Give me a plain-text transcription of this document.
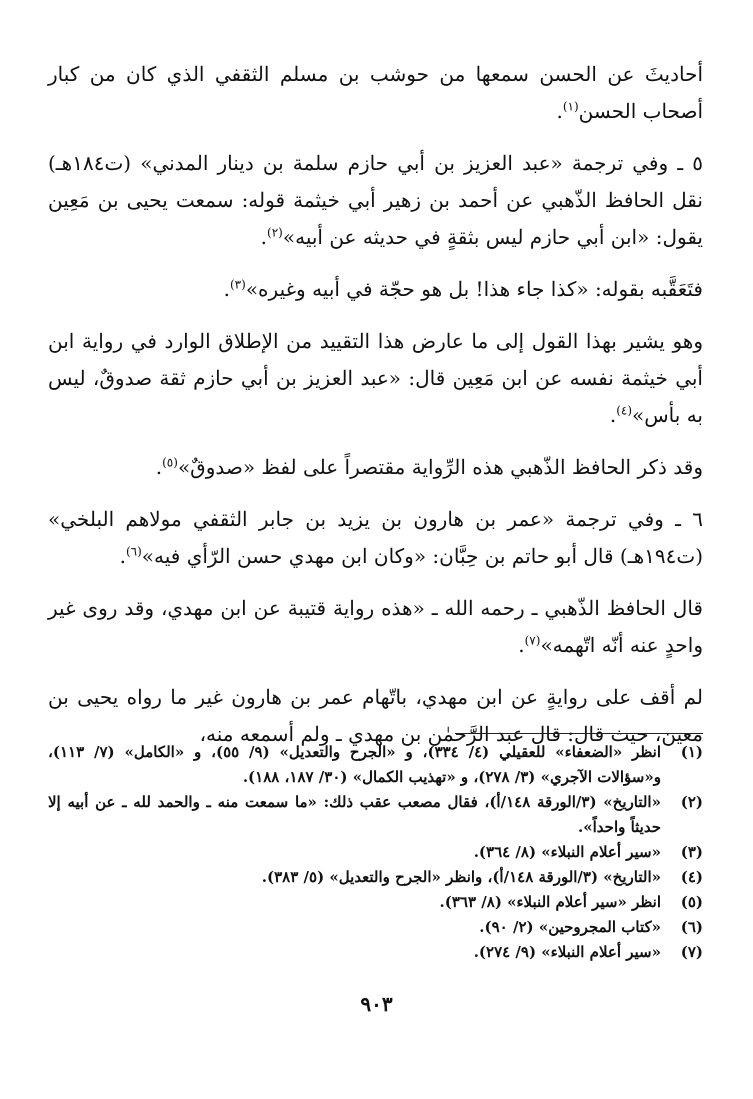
أحاديثَ عن الحسن سمعها من حوشب بن مسلم الثقفي الذي كان من كبار أصحاب الحسن$^{(١)}$.

٥ ـ وفي ترجمة «عبد العزيز بن أبي حازم سلمة بن دينار المدني» (ت١٨٤هـ) نقل الحافظ الذّهبي عن أحمد بن زهير أبي خيثمة قوله: سمعت يحيى بن مَعِين يقول: «ابن أبي حازم ليس بثقةٍ في حديثه عن أبيه»$^{(٢)}$.

فتَعَقَّبه بقوله: «كذا جاء هذا! بل هو حجّة في أبيه وغيره»$^{(٣)}$.

وهو يشير بهذا القول إلى ما عارض هذا التقييد من الإطلاق الوارد في رواية ابن أبي خيثمة نفسه عن ابن مَعِين قال: «عبد العزيز بن أبي حازم ثقة صدوقٌ، ليس به بأس»$^{(٤)}$.

وقد ذكر الحافظ الذّهبي هذه الرِّواية مقتصراً على لفظ «صدوقٌ»$^{(٥)}$.

٦ ـ وفي ترجمة «عمر بن هارون بن يزيد بن جابر الثقفي مولاهم البلخي» (ت١٩٤هـ) قال أبو حاتم بن حِبَّان: «وكان ابن مهدي حسن الرّأي فيه»$^{(٦)}$.

قال الحافظ الذّهبي ـ رحمه الله ـ «هذه رواية قتيبة عن ابن مهدي، وقد روى غير واحدٍ عنه أنّه اتّهمه»$^{(٧)}$.

لم أقف على روايةٍ عن ابن مهدي، باتّهام عمر بن هارون غير ما رواه يحيى بن معين، حيث قال: قال عبد الرَّحمٰن بن مهدي ـ ولم أسمعه منه،

(١)
انظر «الضعفاء» للعقيلي (٤/ ٣٣٤)، و «الجرح والتعديل» (٩/ ٥٥)، و «الكامل» (٧/ ١١٣)، و«سؤالات الآجري» (٣/ ٢٧٨)، و «تهذيب الكمال» (٣٠/ ١٨٧، ١٨٨).
(٢)
«التاريخ» (٣/الورقة ١٤٨/أ)، فقال مصعب عقب ذلك: «ما سمعت منه ـ والحمد لله ـ عن أبيه إلا حديثاً واحداً».
(٣)
«سير أعلام النبلاء» (٨/ ٣٦٤).
(٤)
«التاريخ» (٣/الورقة ١٤٨/أ)، وانظر «الجرح والتعديل» (٥/ ٣٨٣).
(٥)
انظر «سير أعلام النبلاء» (٨/ ٣٦٣).
(٦)
«كتاب المجروحين» (٢/ ٩٠).
(٧)
«سير أعلام النبلاء» (٩/ ٢٧٤).
٩٠٣
